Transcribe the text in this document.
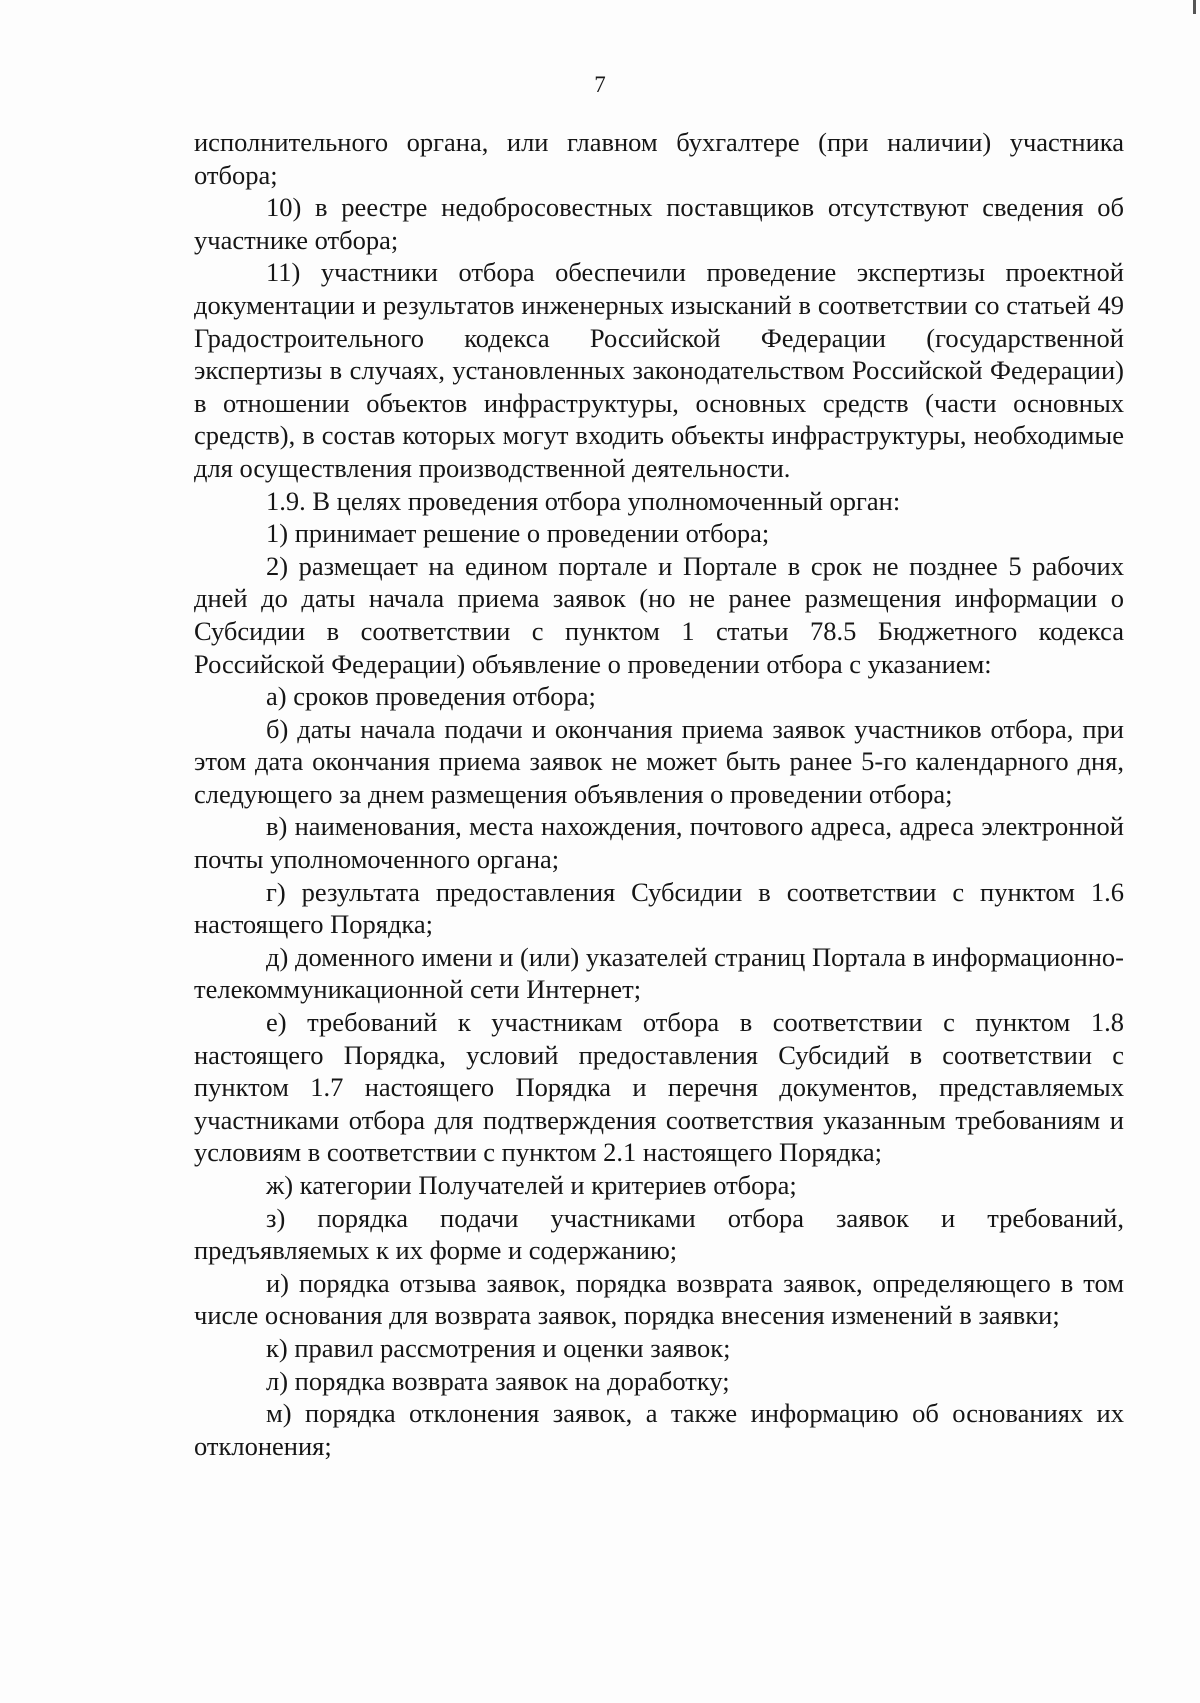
7

исполнительного органа, или главном бухгалтере (при наличии) участника отбора;

10) в реестре недобросовестных поставщиков отсутствуют сведения об участнике отбора;

11) участники отбора обеспечили проведение экспертизы проектной документации и результатов инженерных изысканий в соответствии со статьей 49 Градостроительного кодекса Российской Федерации (государственной экспертизы в случаях, установленных законодательством Российской Федерации) в отношении объектов инфраструктуры, основных средств (части основных средств), в состав которых могут входить объекты инфраструктуры, необходимые для осуществления производственной деятельности.

1.9. В целях проведения отбора уполномоченный орган:

1) принимает решение о проведении отбора;

2) размещает на едином портале и Портале в срок не позднее 5 рабочих дней до даты начала приема заявок (но не ранее размещения информации о Субсидии в соответствии с пунктом 1 статьи 78.5 Бюджетного кодекса Российской Федерации) объявление о проведении отбора с указанием:

а) сроков проведения отбора;

б) даты начала подачи и окончания приема заявок участников отбора, при этом дата окончания приема заявок не может быть ранее 5-го календарного дня, следующего за днем размещения объявления о проведении отбора;

в) наименования, места нахождения, почтового адреса, адреса электронной почты уполномоченного органа;

г) результата предоставления Субсидии в соответствии с пунктом 1.6 настоящего Порядка;

д) доменного имени и (или) указателей страниц Портала в информационно-телекоммуникационной сети Интернет;

е) требований к участникам отбора в соответствии с пунктом 1.8 настоящего Порядка, условий предоставления Субсидий в соответствии с пунктом 1.7 настоящего Порядка и перечня документов, представляемых участниками отбора для подтверждения соответствия указанным требованиям и условиям в соответствии с пунктом 2.1 настоящего Порядка;

ж) категории Получателей и критериев отбора;

з) порядка подачи участниками отбора заявок и требований, предъявляемых к их форме и содержанию;

и) порядка отзыва заявок, порядка возврата заявок, определяющего в том числе основания для возврата заявок, порядка внесения изменений в заявки;

к) правил рассмотрения и оценки заявок;

л) порядка возврата заявок на доработку;

м) порядка отклонения заявок, а также информацию об основаниях их отклонения;
